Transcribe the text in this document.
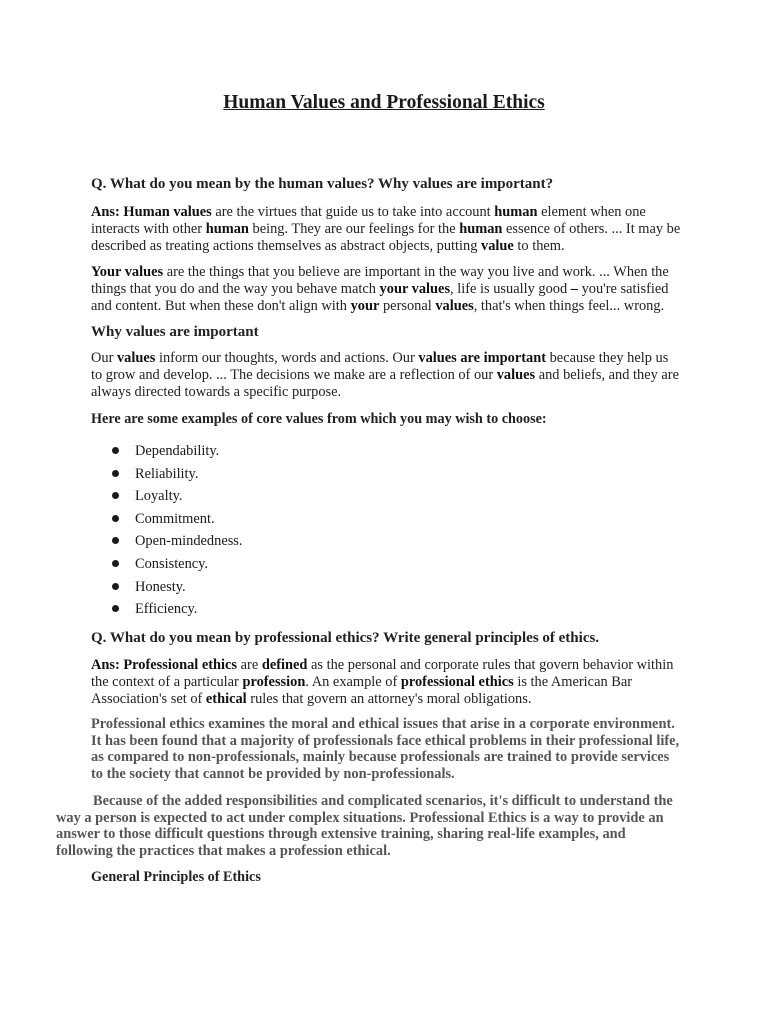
Human Values and Professional Ethics
Q. What do you mean by the human values? Why values are important?
Ans: Human values are the virtues that guide us to take into account human element when one interacts with other human being. They are our feelings for the human essence of others. ... It may be described as treating actions themselves as abstract objects, putting value to them.
Your values are the things that you believe are important in the way you live and work. ... When the things that you do and the way you behave match your values, life is usually good – you're satisfied and content. But when these don't align with your personal values, that's when things feel... wrong.
Why values are important
Our values inform our thoughts, words and actions. Our values are important because they help us to grow and develop. ... The decisions we make are a reflection of our values and beliefs, and they are always directed towards a specific purpose.
Here are some examples of core values from which you may wish to choose:
Dependability.
Reliability.
Loyalty.
Commitment.
Open-mindedness.
Consistency.
Honesty.
Efficiency.
Q. What do you mean by professional ethics? Write general principles of ethics.
Ans: Professional ethics are defined as the personal and corporate rules that govern behavior within the context of a particular profession. An example of professional ethics is the American Bar Association's set of ethical rules that govern an attorney's moral obligations.
Professional ethics examines the moral and ethical issues that arise in a corporate environment. It has been found that a majority of professionals face ethical problems in their professional life, as compared to non-professionals, mainly because professionals are trained to provide services to the society that cannot be provided by non-professionals.
Because of the added responsibilities and complicated scenarios, it's difficult to understand the way a person is expected to act under complex situations. Professional Ethics is a way to provide an answer to those difficult questions through extensive training, sharing real-life examples, and following the practices that makes a profession ethical.
General Principles of Ethics
